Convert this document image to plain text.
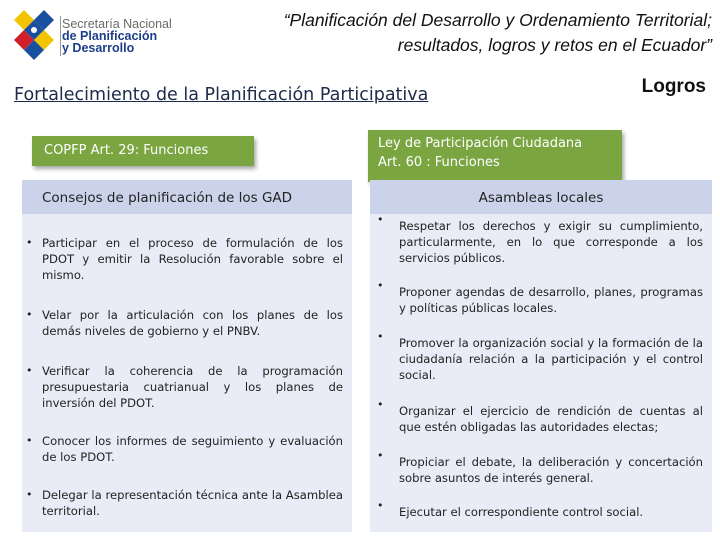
Secretaría Nacional
de Planificación
y Desarrollo
“Planificación del Desarrollo y Ordenamiento Territorial;
resultados, logros y retos en el Ecuador”
Logros
Fortalecimiento de la Planificación Participativa
COPFP Art. 29: Funciones	Ley de Participación Ciudadana
Art. 60 : Funciones
Consejos de planificación de los GAD
• Participar en el proceso de formulación de los PDOT y emitir la Resolución favorable sobre el mismo.
• Velar por la articulación con los planes de los demás niveles de gobierno y el PNBV.
• Verificar la coherencia de la programación presupuestaria cuatrianual y los planes de inversión del PDOT.
• Conocer los informes de seguimiento y evaluación de los PDOT.
• Delegar la representación técnica ante la Asamblea territorial.
Asambleas locales
• Respetar los derechos y exigir su cumplimiento, particularmente, en lo que corresponde a los servicios públicos.
• Proponer agendas de desarrollo, planes, programas y políticas públicas locales.
• Promover la organización social y la formación de la ciudadanía relación a la participación y el control social.
• Organizar el ejercicio de rendición de cuentas al que estén obligadas las autoridades electas;
• Propiciar el debate, la deliberación y concertación sobre asuntos de interés general.
• Ejecutar el correspondiente control social.
